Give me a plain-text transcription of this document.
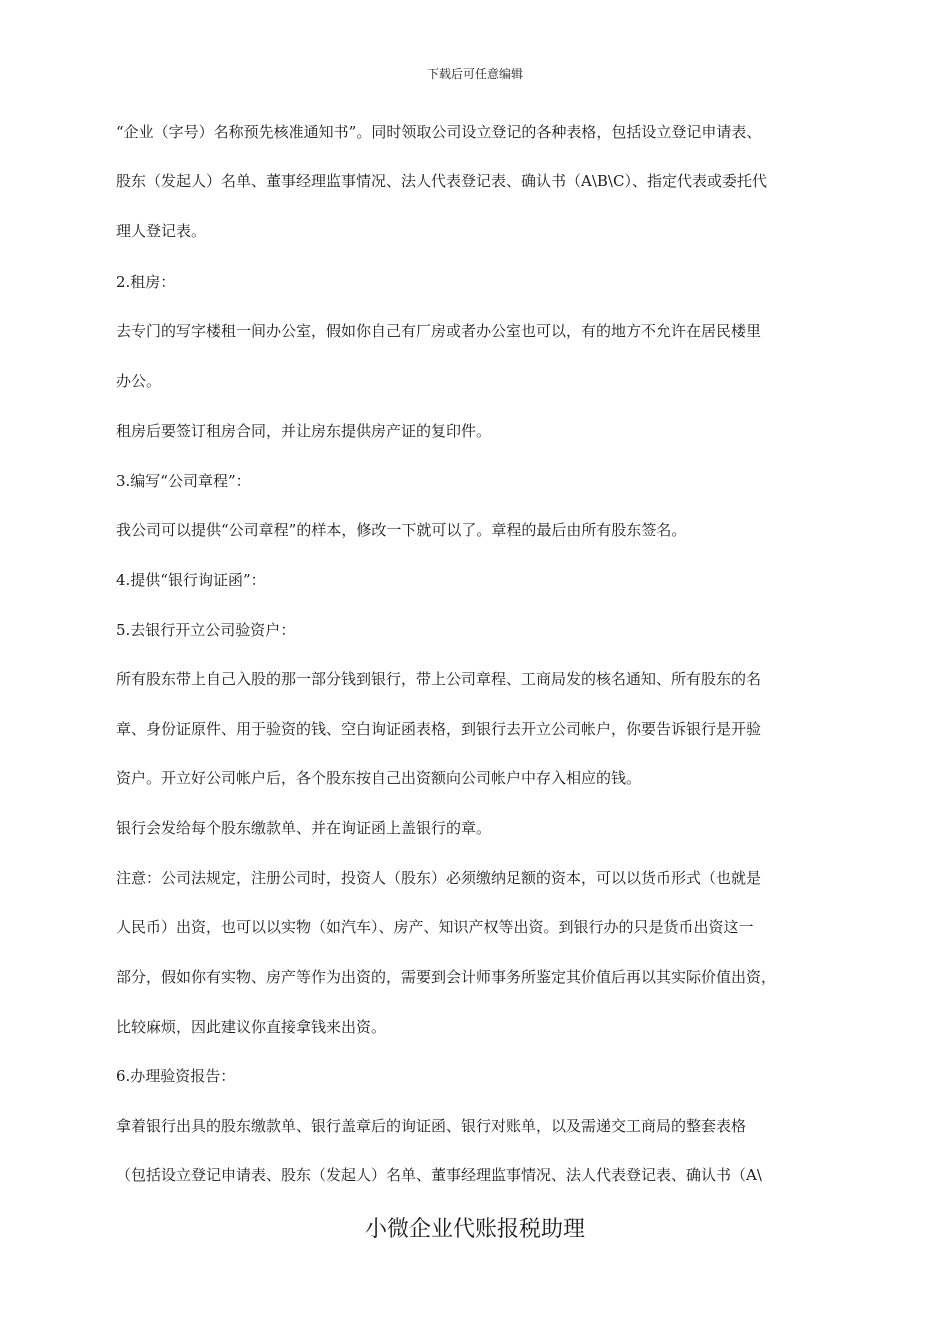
下载后可任意编辑
“企业（字号）名称预先核准通知书”。同时领取公司设立登记的各种表格，包括设立登记申请表、
股东（发起人）名单、董事经理监事情况、法人代表登记表、确认书（A\B\C）、指定代表或委托代
理人登记表。
2.租房：
去专门的写字楼租一间办公室，假如你自己有厂房或者办公室也可以，有的地方不允许在居民楼里
办公。
租房后要签订租房合同，并让房东提供房产证的复印件。
3.编写“公司章程”：
我公司可以提供“公司章程”的样本，修改一下就可以了。章程的最后由所有股东签名。
4.提供“银行询证函”：
5.去银行开立公司验资户：
所有股东带上自己入股的那一部分钱到银行，带上公司章程、工商局发的核名通知、所有股东的名
章、身份证原件、用于验资的钱、空白询证函表格，到银行去开立公司帐户，你要告诉银行是开验
资户。开立好公司帐户后，各个股东按自己出资额向公司帐户中存入相应的钱。
银行会发给每个股东缴款单、并在询证函上盖银行的章。
注意：公司法规定，注册公司时，投资人（股东）必须缴纳足额的资本，可以以货币形式（也就是
人民币）出资，也可以以实物（如汽车）、房产、知识产权等出资。到银行办的只是货币出资这一
部分，假如你有实物、房产等作为出资的，需要到会计师事务所鉴定其价值后再以其实际价值出资，
比较麻烦，因此建议你直接拿钱来出资。
6.办理验资报告：
拿着银行出具的股东缴款单、银行盖章后的询证函、银行对账单，以及需递交工商局的整套表格
（包括设立登记申请表、股东（发起人）名单、董事经理监事情况、法人代表登记表、确认书（A\
小微企业代账报税助理
